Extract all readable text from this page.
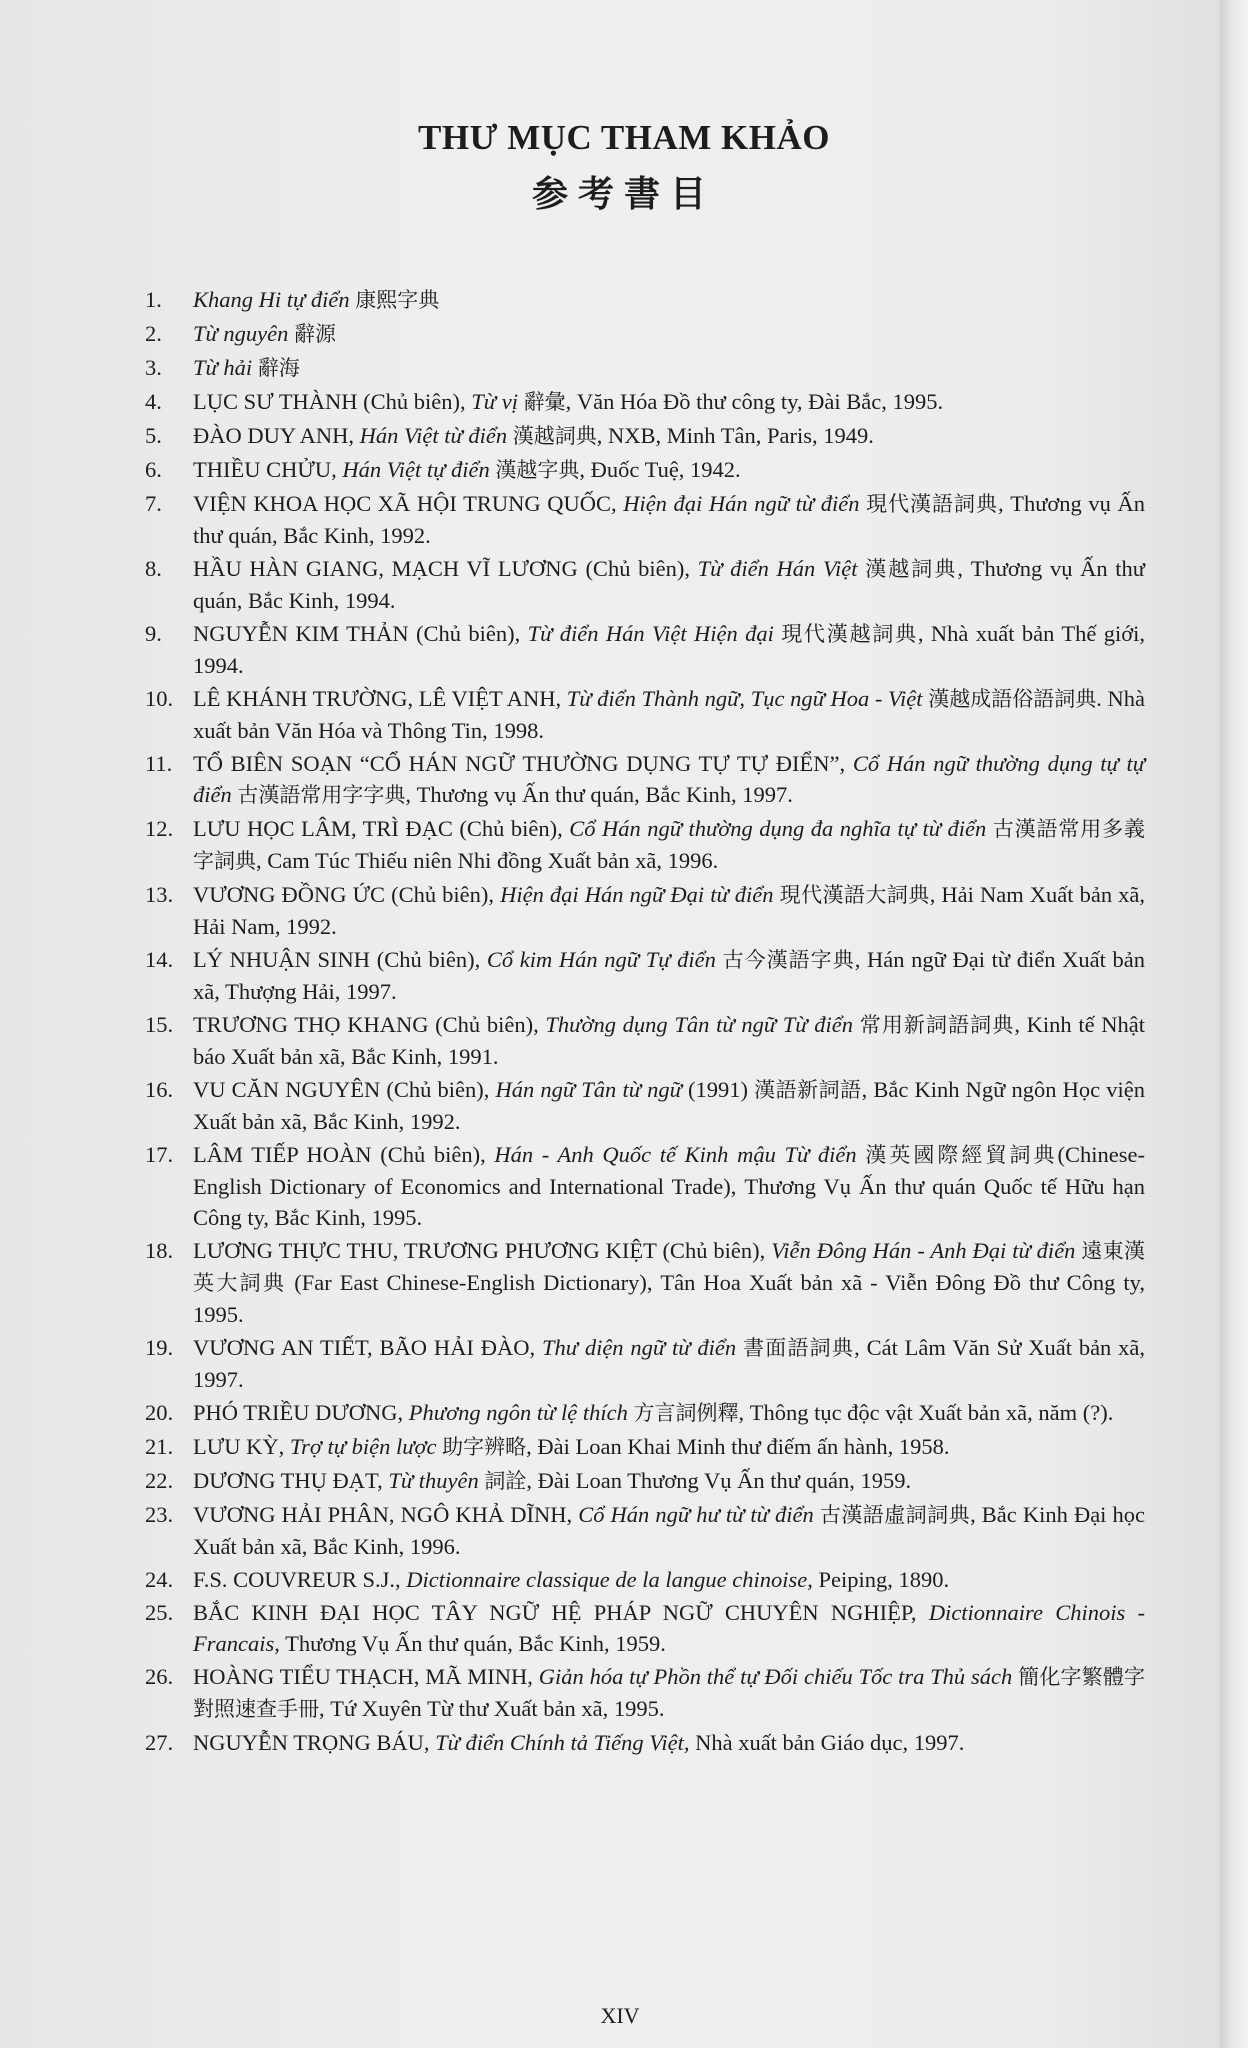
THƯ MỤC THAM KHẢO
参考書目
1.	Khang Hi tự điển 康熙字典
2.	Từ nguyên 辭源
3.	Từ hải 辭海
4.	LỤC SƯ THÀNH (Chủ biên), Từ vị 辭彙, Văn Hóa Đồ thư công ty, Đài Bắc, 1995.
5.	ĐÀO DUY ANH, Hán Việt từ điển 漢越詞典, NXB, Minh Tân, Paris, 1949.
6.	THIỀU CHỬU, Hán Việt tự điển 漢越字典, Đuốc Tuệ, 1942.
7.	VIỆN KHOA HỌC XÃ HỘI TRUNG QUỐC, Hiện đại Hán ngữ từ điển 現代漢語詞典, Thương vụ Ấn thư quán, Bắc Kinh, 1992.
8.	HẦU HÀN GIANG, MẠCH VĨ LƯƠNG (Chủ biên), Từ điển Hán Việt 漢越詞典, Thương vụ Ấn thư quán, Bắc Kinh, 1994.
9.	NGUYỄN KIM THẢN (Chủ biên), Từ điển Hán Việt Hiện đại 現代漢越詞典, Nhà xuất bản Thế giới, 1994.
10. LÊ KHÁNH TRƯỜNG, LÊ VIỆT ANH, Từ điển Thành ngữ, Tục ngữ Hoa - Việt 漢越成語俗語詞典. Nhà xuất bản Văn Hóa và Thông Tin, 1998.
11. TỔ BIÊN SOẠN “CỔ HÁN NGỮ THƯỜNG DỤNG TỰ TỰ ĐIỂN”, Cổ Hán ngữ thường dụng tự tự điển 古漢語常用字字典, Thương vụ Ấn thư quán, Bắc Kinh, 1997.
12. LƯU HỌC LÂM, TRÌ ĐẠC (Chủ biên), Cổ Hán ngữ thường dụng đa nghĩa tự từ điển 古漢語常用多義字詞典, Cam Túc Thiếu niên Nhi đồng Xuất bản xã, 1996.
13. VƯƠNG ĐỒNG ỨC (Chủ biên), Hiện đại Hán ngữ Đại từ điển 現代漢語大詞典, Hải Nam Xuất bản xã, Hải Nam, 1992.
14. LÝ NHUẬN SINH (Chủ biên), Cổ kim Hán ngữ Tự điển 古今漢語字典, Hán ngữ Đại từ điển Xuất bản xã, Thượng Hải, 1997.
15. TRƯƠNG THỌ KHANG (Chủ biên), Thường dụng Tân từ ngữ Từ điển 常用新詞語詞典, Kinh tế Nhật báo Xuất bản xã, Bắc Kinh, 1991.
16. VU CĂN NGUYÊN (Chủ biên), Hán ngữ Tân từ ngữ (1991) 漢語新詞語, Bắc Kinh Ngữ ngôn Học viện Xuất bản xã, Bắc Kinh, 1992.
17. LÂM TIẾP HOÀN (Chủ biên), Hán - Anh Quốc tế Kinh mậu Từ điển 漢英國際經貿詞典(Chinese-English Dictionary of Economics and International Trade), Thương Vụ Ấn thư quán Quốc tế Hữu hạn Công ty, Bắc Kinh, 1995.
18. LƯƠNG THỰC THU, TRƯƠNG PHƯƠNG KIỆT (Chủ biên), Viễn Đông Hán - Anh Đại từ điển 遠東漢英大詞典 (Far East Chinese-English Dictionary), Tân Hoa Xuất bản xã - Viễn Đông Đồ thư Công ty, 1995.
19. VƯƠNG AN TIẾT, BÃO HẢI ĐÀO, Thư diện ngữ từ điển 書面語詞典, Cát Lâm Văn Sử Xuất bản xã, 1997.
20. PHÓ TRIỀU DƯƠNG, Phương ngôn từ lệ thích 方言詞例釋, Thông tục độc vật Xuất bản xã, năm (?).
21. LƯU KỲ, Trợ tự biện lược 助字辨略, Đài Loan Khai Minh thư điếm ấn hành, 1958.
22. DƯƠNG THỤ ĐẠT, Từ thuyên 詞詮, Đài Loan Thương Vụ Ấn thư quán, 1959.
23. VƯƠNG HẢI PHÂN, NGÔ KHẢ DĨNH, Cổ Hán ngữ hư từ từ điển 古漢語虛詞詞典, Bắc Kinh Đại học Xuất bản xã, Bắc Kinh, 1996.
24. F.S. COUVREUR S.J., Dictionnaire classique de la langue chinoise, Peiping, 1890.
25. BẮC KINH ĐẠI HỌC TÂY NGỮ HỆ PHÁP NGỮ CHUYÊN NGHIỆP, Dictionnaire Chinois - Francais, Thương Vụ Ấn thư quán, Bắc Kinh, 1959.
26. HOÀNG TIỂU THẠCH, MÃ MINH, Giản hóa tự Phồn thể tự Đối chiếu Tốc tra Thủ sách 簡化字繁體字對照速查手冊, Tứ Xuyên Từ thư Xuất bản xã, 1995.
27. NGUYỄN TRỌNG BÁU, Từ điển Chính tả Tiếng Việt, Nhà xuất bản Giáo dục, 1997.
XIV
